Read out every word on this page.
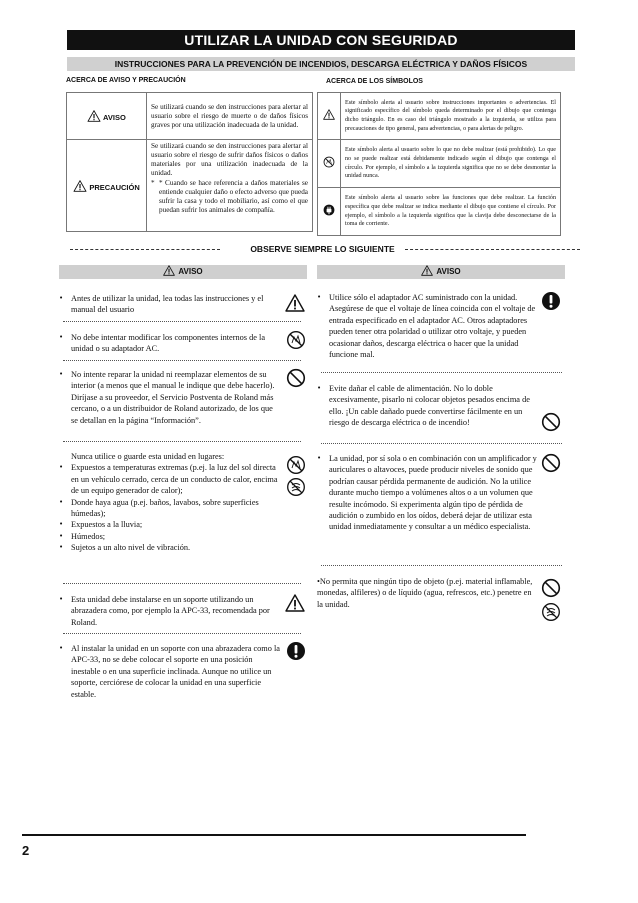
UTILIZAR LA UNIDAD CON SEGURIDAD
INSTRUCCIONES PARA LA PREVENCIÓN DE INCENDIOS, DESCARGA ELÉCTRICA Y DAÑOS FÍSICOS
ACERCA DE AVISO Y PRECAUCIÓN
AVISO	Se utilizará cuando se den instrucciones para alertar al usuario sobre el riesgo de muerte o de daños físicos graves por una utilización inadecuada de la unidad.
PRECAUCIÓN	Se utilizará cuando se den instrucciones para alertar al usuario sobre el riesgo de sufrir daños físicos o daños materiales por una utilización inadecuada de la unidad.
* * Cuando se hace referencia a daños materiales se entiende cualquier daño o efecto adverso que pueda sufrir la casa y todo el mobiliario, así como el que puedan sufrir los animales de compañía.
ACERCA DE LOS SÍMBOLOS
	Este símbolo alerta al usuario sobre instrucciones importantes o advertencias. El significado específico del símbolo queda determinado por el dibujo que contenga dicho triángulo. En es caso del triángulo mostrado a la izquierda, se utiliza para precauciones de tipo general, para advertencias, o para alertas de peligro.
	Este símbolo alerta al usuario sobre lo que no debe realizar (está prohibido). Lo que no se puede realizar está debidamente indicado según el dibujo que contenga el círculo. Por ejemplo, el símbolo a la izquierda significa que no se debe desmontar la unidad nunca.
	Este símbolo alerta al usuario sobre las funciones que debe realizar. La función específica que debe realizar se indica mediante el dibujo que contiene el círculo. Por ejemplo, el símbolo a la izquierda significa que la clavija debe desconectarse de la toma de corriente.
OBSERVE SIEMPRE LO SIGUIENTE
AVISO	AVISO
• Antes de utilizar la unidad, lea todas las instrucciones y el manual del usuario
• No debe intentar modificar los componentes internos de la unidad o su adaptador AC.
• No intente reparar la unidad ni reemplazar elementos de su interior (a menos que el manual le indique que debe hacerlo). Diríjase a su proveedor, el Servicio Postventa de Roland más cercano, o a un distribuidor de Roland autorizado, de los que se detallan en la página “Información”.
Nunca utilice o guarde esta unidad en lugares:
• Expuestos a temperaturas extremas (p.ej. la luz del sol directa en un vehículo cerrado, cerca de un conducto de calor, encima de un equipo generador de calor);
• Donde haya agua (p.ej. baños, lavabos, sobre superficies húmedas);
• Expuestos a la lluvia;
• Húmedos;
• Sujetos a un alto nivel de vibración.
• Esta unidad debe instalarse en un soporte utilizando un abrazadera como, por ejemplo la APC-33, recomendada por Roland.
• Al instalar la unidad en un soporte con una abrazadera como la APC-33, no se debe colocar el soporte en una posición inestable o en una superficie inclinada. Aunque no utilice un soporte, cerciórese de colocar la unidad en una superficie estable.
• Utilice sólo el adaptador AC suministrado con la unidad. Asegúrese de que el voltaje de línea coincida con el voltaje de entrada especificado en el adaptador AC. Otros adaptadores pueden tener otra polaridad o utilizar otro voltaje, y pueden ocasionar daños, descarga eléctrica o hacer que la unidad funcione mal.
• Evite dañar el cable de alimentación. No lo doble excesivamente, pisarlo ni colocar objetos pesados encima de ello. ¡Un cable dañado puede convertirse fácilmente en un riesgo de descarga eléctrica o de incendio!
• La unidad, por sí sola o en combinación con un amplificador y auriculares o altavoces, puede producir niveles de sonido que podrían causar pérdida permanente de audición. No la utilice durante mucho tiempo a volúmenes altos o a un volumen que resulte incómodo. Si experimenta algún tipo de pérdida de audición o zumbido en los oídos, deberá dejar de utilizar esta unidad inmediatamente y consultar a un médico especialista.
•No permita que ningún tipo de objeto (p.ej. material inflamable, monedas, alfileres) o de líquido (agua, refrescos, etc.) penetre en la unidad.
2
